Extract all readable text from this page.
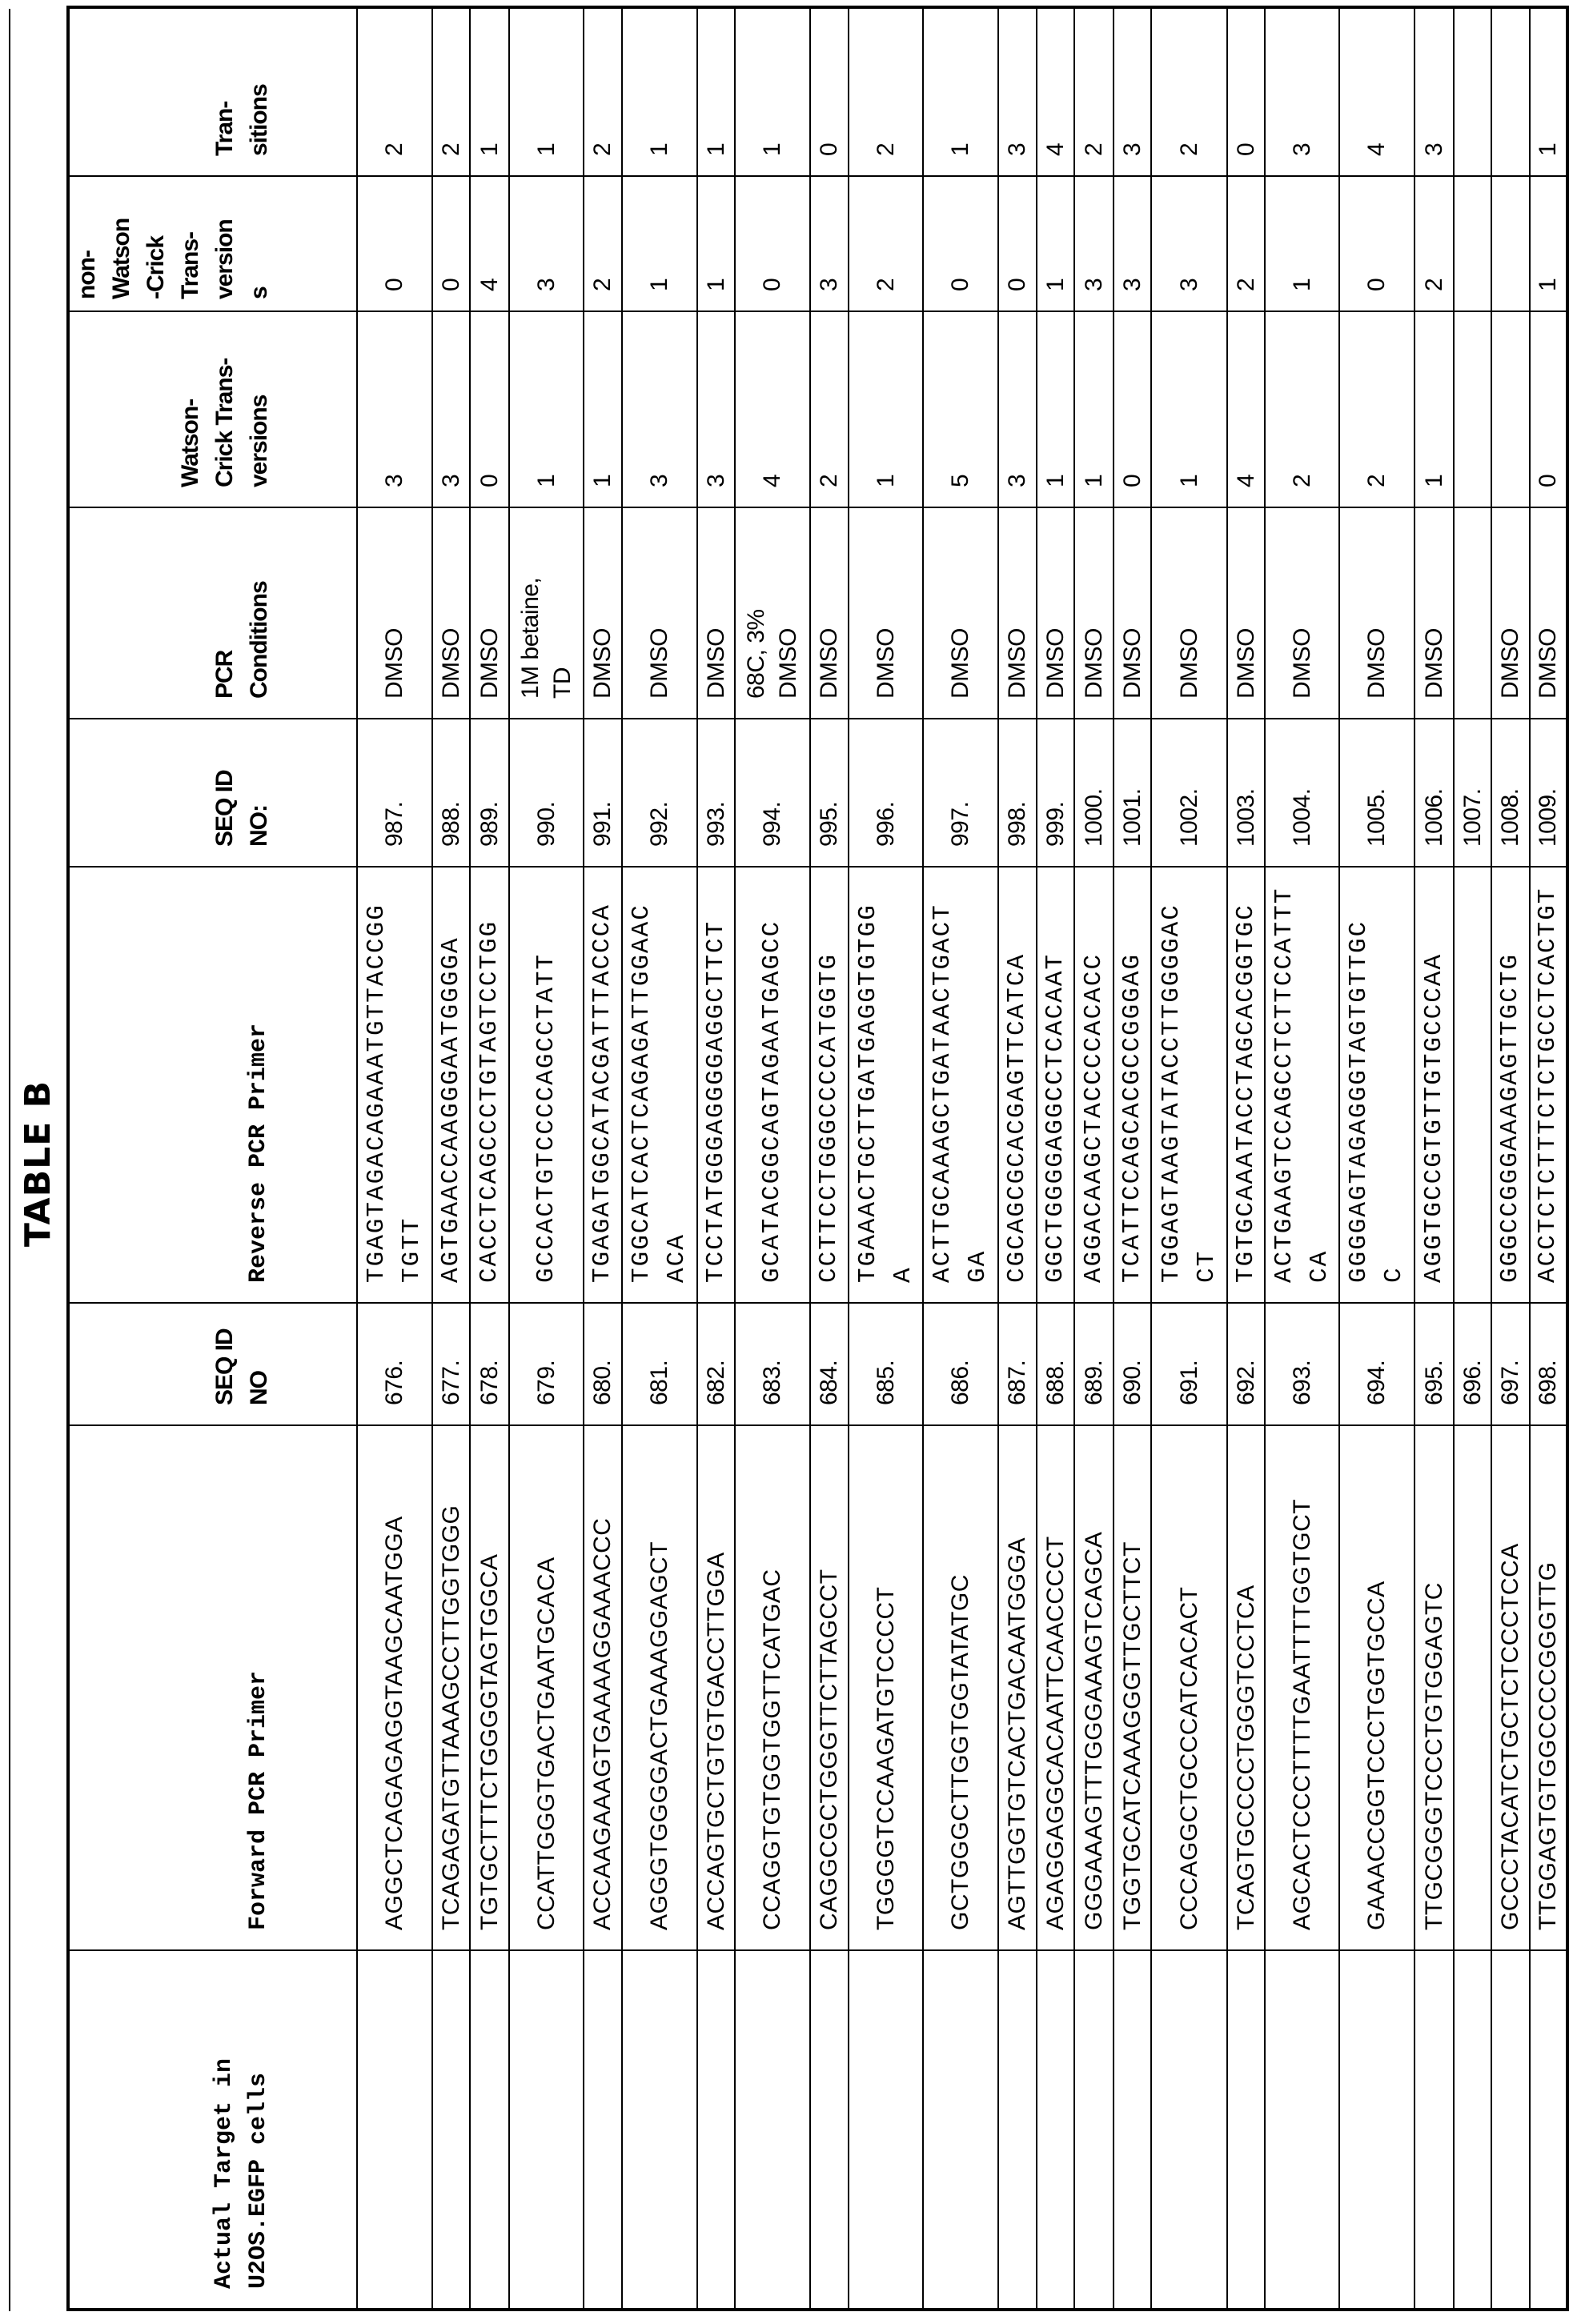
TABLE B
Actual Target in
U2OS.EGFP cells	Forward PCR Primer	SEQ ID
NO	Reverse PCR Primer	SEQ ID
NO:	PCR
Conditions	Watson-
Crick Trans-
versions	non-
Watson
-Crick
Trans-
version
s	Tran-
sitions
	AGGCTCAGAGAGGTAAGCAATGGA	676.	TGAGTAGACAGAAATGTTACCGG
TGTT	987.	DMSO	3	0	2
	TCAGAGATGTTAAAGCCTTGGTGGG	677.	AGTGAACCAAGGGAATGGGGA	988.	DMSO	3	0	2
	TGTGCTTTCTGGGGTAGTGGCA	678.	CACCTCAGCCCTGTAGTCCTGG	989.	DMSO	0	4	1
	CCATTGGGTGACTGAATGCACA	679.	GCCACTGTCCCCAGCCTATT	990.	1M betaine,
TD	1	3	1
	ACCAAGAAAGTGAAAAGGAAACCC	680.	TGAGATGGCATACGATTTACCCA	991.	DMSO	1	2	2
	AGGGTGGGGACTGAAAGGAGCT	681.	TGGCATCACTCAGAGATTGGAAC
ACA	992.	DMSO	3	1	1
	ACCAGTGCTGTGTGACCTTGGA	682.	TCCTATGGGAGGGGAGGCTTCT	993.	DMSO	3	1	1
	CCAGGTGTGGTGGTTCATGAC	683.	GCATACGGCAGTAGAATGAGCC	994.	68C, 3%
DMSO	4	0	1
	CAGGCGCTGGGTTCTTAGCCT	684.	CCTTCCTGGGCCCCATGGTG	995.	DMSO	2	3	0
	TGGGGTCCAAGATGTCCCCT	685.	TGAAACTGCTTGATGAGGTGTGG
A	996.	DMSO	1	2	2
	GCTGGGCTTGGTGGTATATGC	686.	ACTTGCAAAGCTGATAACTGACT
GA	997.	DMSO	5	0	1
	AGTTGGTGTCACTGACAATGGGA	687.	CGCAGCGCACGAGTTCATCA	998.	DMSO	3	0	3
	AGAGGAGGCACAATTCAACCCCT	688.	GGCTGGGGAGGCCTCACAAT	999.	DMSO	1	1	4
	GGGAAAGTTTGGGAAAGTCAGCA	689.	AGGACAAGCTACCCCACACC	1000.	DMSO	1	3	2
	TGGTGCATCAAAGGGTTGCTTCT	690.	TCATTCCAGCACGCCGGGAG	1001.	DMSO	0	3	3
	CCCAGGCTGCCCATCACACT	691.	TGGAGTAAGTATACCTTGGGGAC
CT	1002.	DMSO	1	3	2
	TCAGTGCCCCTGGGTCCTCA	692.	TGTGCAAATACCTAGCACGGTGC	1003.	DMSO	4	2	0
	AGCACTCCCTTTTGAATTTTGGTGCT	693.	ACTGAAGTCCAGCCTCTTCCATTT
CA	1004.	DMSO	2	1	3
	GAAACCGGTCCCTGGTGCCA	694.	GGGGAGTAGAGGGTAGTGTTGC
C	1005.	DMSO	2	0	4
	TTGCGGGTCCCTGTGGAGTC	695.	AGGTGCCGTGTTGTGCCCAA	1006.	DMSO	1	2	3
		696.		1007.				
	GCCCTACATCTGCTCTCCCTCCA	697.	GGGCCGGGAAAGAGTTGCTG	1008.	DMSO			
	TTGGAGTGTGGCCCCGGGTTG	698.	ACCTCTCTTTCTCTGCCTCACTGT	1009.	DMSO	0	1	1
